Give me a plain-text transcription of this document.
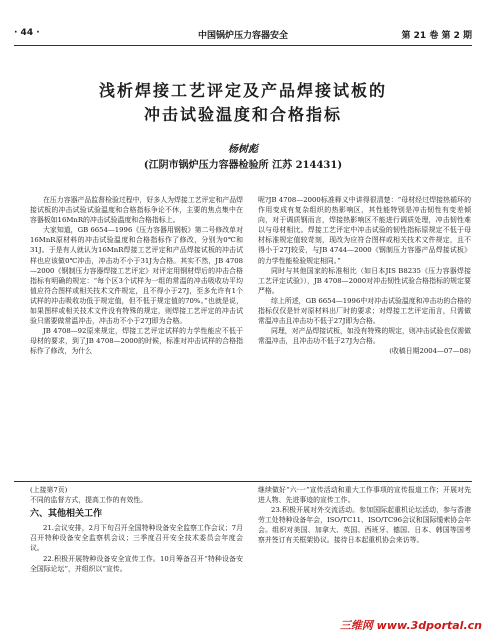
· 44 ·	中国锅炉压力容器安全	第 21 卷 第 2 期
浅析焊接工艺评定及产品焊接试板的
冲击试验温度和合格指标
杨树彪
(江阴市锅炉压力容器检验所 江苏 214431)

在压力容器产品监督检验过程中，好多人为焊接工艺评定和产品焊接试板的冲击试验试验温度和合格指标争论不休，主要的焦点集中在容器板如16MnR的冲击试验温度和合格指标上。

大家知道，GB 6654—1996《压力容器用钢板》第二号修改单对16MnR原材料的冲击试验温度和合格指标作了修改，分别为0℃和31J。于是有人就认为16MnR焊接工艺评定和产品焊接试板的冲击试样也应该做0℃冲击，冲击功不小于31J为合格。其实不然，JB 4708—2000《钢制压力容器焊接工艺评定》对评定用钢材焊后的冲击合格指标有明确的规定：“每个区3个试样为一组的常温的冲击吸收功平均值应符合图样或相关技术文件规定，且不得小于27J，至多允许有1个试样的冲击吸收功低于规定值，但不低于规定值的70%。”也就是说，如果图样或相关技术文件没有特殊的规定，则焊接工艺评定的冲击试验只需要做常温冲击，冲击功不小于27J即为合格。

JB 4708—92原来规定，焊接工艺评定试样的力学性能应不低于母材的要求，到了JB 4708—2000的时候，标准对冲击试样的合格指标作了修改，为什么

呢?JB 4708—2000标准释义中讲得很清楚：“母材经过焊接热循环的作用变成有复杂组织的热影响区，其性能特别是冲击韧性有变差倾向，对于调质钢而言，焊接热影响区不能进行调质处理，冲击韧性难以与母材相比。焊接工艺评定中冲击试验的韧性指标原规定不低于母材标准规定值较苛刻，现改为应符合图样或相关技术文件规定，且不得小于27J较妥，与JB 4744—2000《钢制压力容器产品焊接试板》的力学性能检验规定相同。”

同时与其他国家的标准相比（如日本JIS B8235《压力容器焊接工艺评定试验》），JB 4708—2000对冲击韧性试验合格指标的规定要严格。

综上所述，GB 6654—1996中对冲击试验温度和冲击功的合格的指标仅仅是针对原材料出厂时的要求；对焊接工艺评定而言，只需做常温冲击且冲击功不低于27J即为合格。

同理，对产品焊接试板，如没有特殊的规定，则冲击试验也仅需做常温冲击，且冲击功不低于27J为合格。

(收稿日期2004—07—08)

(上接第7页)

不同的监督方式，提高工作的有效性。

六、其他相关工作

21.会议安排，2月下旬召开全国特种设备安全监察工作会议；7月召开特种设备安全监察机会议；三季度召开安全技术委员会年度会议。

22.积极开展特种设备安全宣传工作。10月筹备召开“特种设备安全国际论坛”，并组织以“宣传。

继续做好“六·一”宣传活动和重大工作事项的宣传报道工作；开展对先进人物、先进事迹的宣传工作。

23.积极开展对外交流活动。参加国际起重机论坛活动，参与香港劳工处特种设备年会，ISO/TC11、ISO/TC96会议和国际缆索协会年会。组织对美国、加拿大、英国、西班牙、德国、日本、韩国等国考察并签订有关框架协议。接待日本起重机协会来访等。

三维网 www.3dportal.cn
